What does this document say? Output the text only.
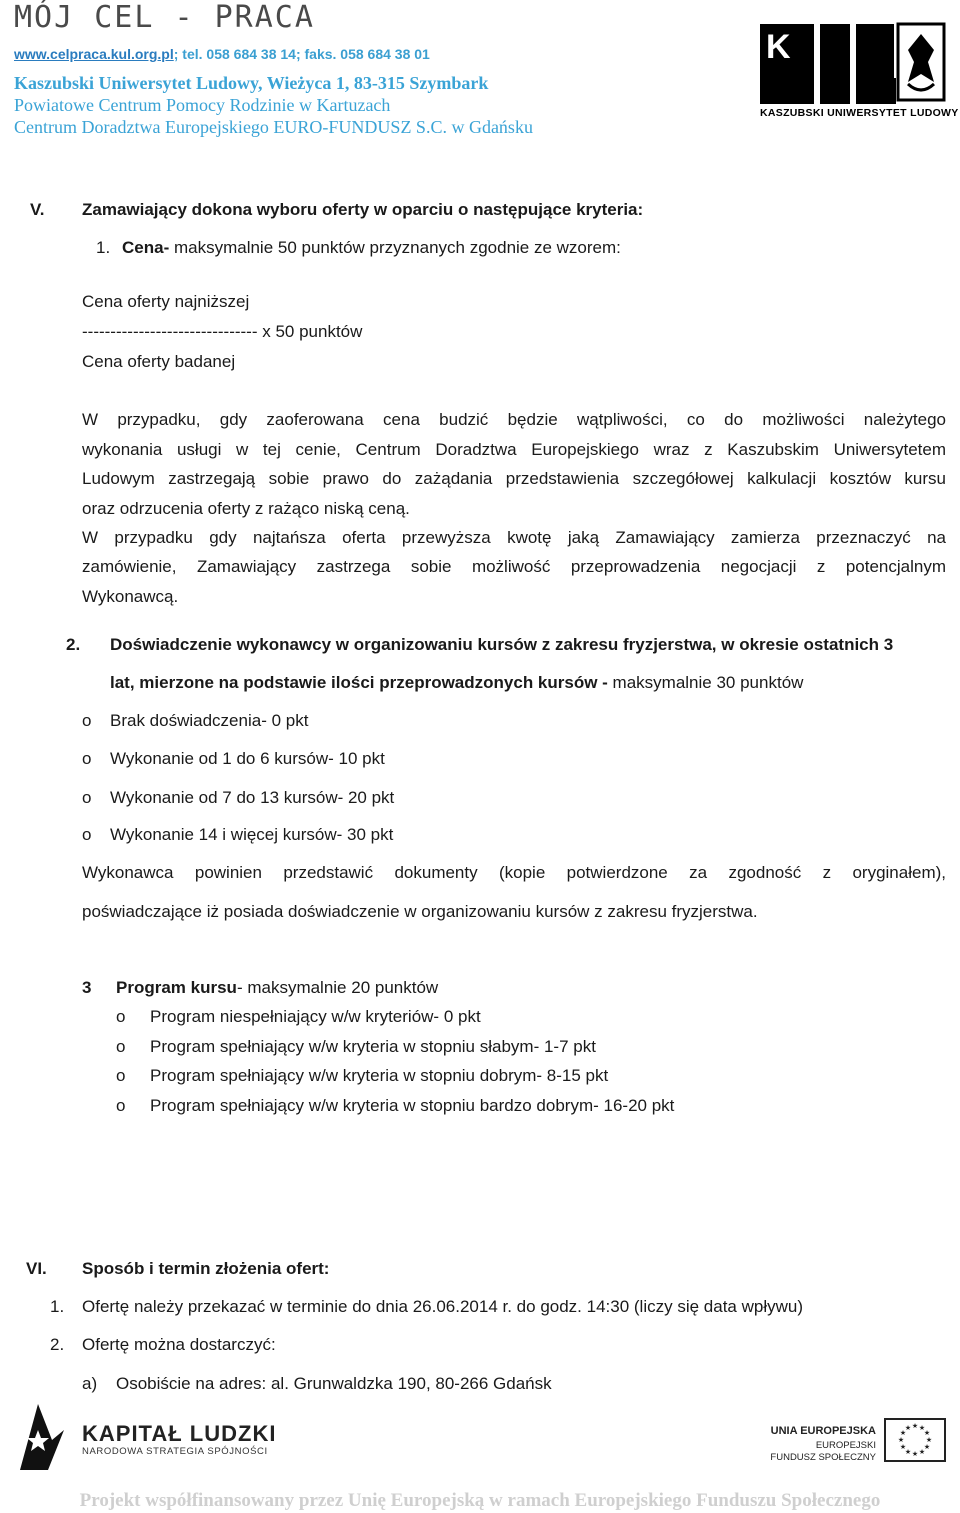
MÓJ CEL - PRACA
www.celpraca.kul.org.pl; tel. 058 684 38 14; faks. 058 684 38 01
Kaszubski Uniwersytet Ludowy, Wieżyca 1, 83-315 Szymbark
Powiatowe Centrum Pomocy Rodzinie w Kartuzach
Centrum Doradztwa Europejskiego EURO-FUNDUSZ S.C. w Gdańsku
K
KASZUBSKI UNIWERSYTET LUDOWY
V. Zamawiający dokona wyboru oferty w oparciu o następujące kryteria:
1. Cena- maksymalnie 50 punktów przyznanych zgodnie ze wzorem:
Cena oferty najniższej
------------------------------- x 50 punktów
Cena oferty badanej
W przypadku, gdy zaoferowana cena budzić będzie wątpliwości, co do możliwości należytego
wykonania usługi w tej cenie, Centrum Doradztwa Europejskiego wraz z Kaszubskim Uniwersytetem
Ludowym zastrzegają sobie prawo do zażądania przedstawienia szczegółowej kalkulacji kosztów kursu
oraz odrzucenia oferty z rażąco niską ceną.
W przypadku gdy najtańsza oferta przewyższa kwotę jaką Zamawiający zamierza przeznaczyć na
zamówienie, Zamawiający zastrzega sobie możliwość przeprowadzenia negocjacji z potencjalnym
Wykonawcą.
2. Doświadczenie wykonawcy w organizowaniu kursów z zakresu fryzjerstwa, w okresie ostatnich 3
lat, mierzone na podstawie ilości przeprowadzonych kursów - maksymalnie 30 punktów
o Brak doświadczenia- 0 pkt
o Wykonanie od 1 do 6 kursów- 10 pkt
o Wykonanie od 7 do 13 kursów- 20 pkt
o Wykonanie 14 i więcej kursów- 30 pkt
Wykonawca powinien przedstawić dokumenty (kopie potwierdzone za zgodność z oryginałem),
poświadczające iż posiada doświadczenie w organizowaniu kursów z zakresu fryzjerstwa.
3 Program kursu- maksymalnie 20 punktów
o Program niespełniający w/w kryteriów- 0 pkt
o Program spełniający w/w kryteria w stopniu słabym- 1-7 pkt
o Program spełniający w/w kryteria w stopniu dobrym- 8-15 pkt
o Program spełniający w/w kryteria w stopniu bardzo dobrym- 16-20 pkt
VI. Sposób i termin złożenia ofert:
1. Ofertę należy przekazać w terminie do dnia 26.06.2014 r. do godz. 14:30 (liczy się data wpływu)
2. Ofertę można dostarczyć:
a) Osobiście na adres: al. Grunwaldzka 190, 80-266 Gdańsk
KAPITAŁ LUDZKI
NARODOWA STRATEGIA SPÓJNOŚCI
UNIA EUROPEJSKA
EUROPEJSKI
FUNDUSZ SPOŁECZNY
★ ★
★
★
★
★
★
★
★
★
★
★
Projekt współfinansowany przez Unię Europejską w ramach Europejskiego Funduszu Społecznego
